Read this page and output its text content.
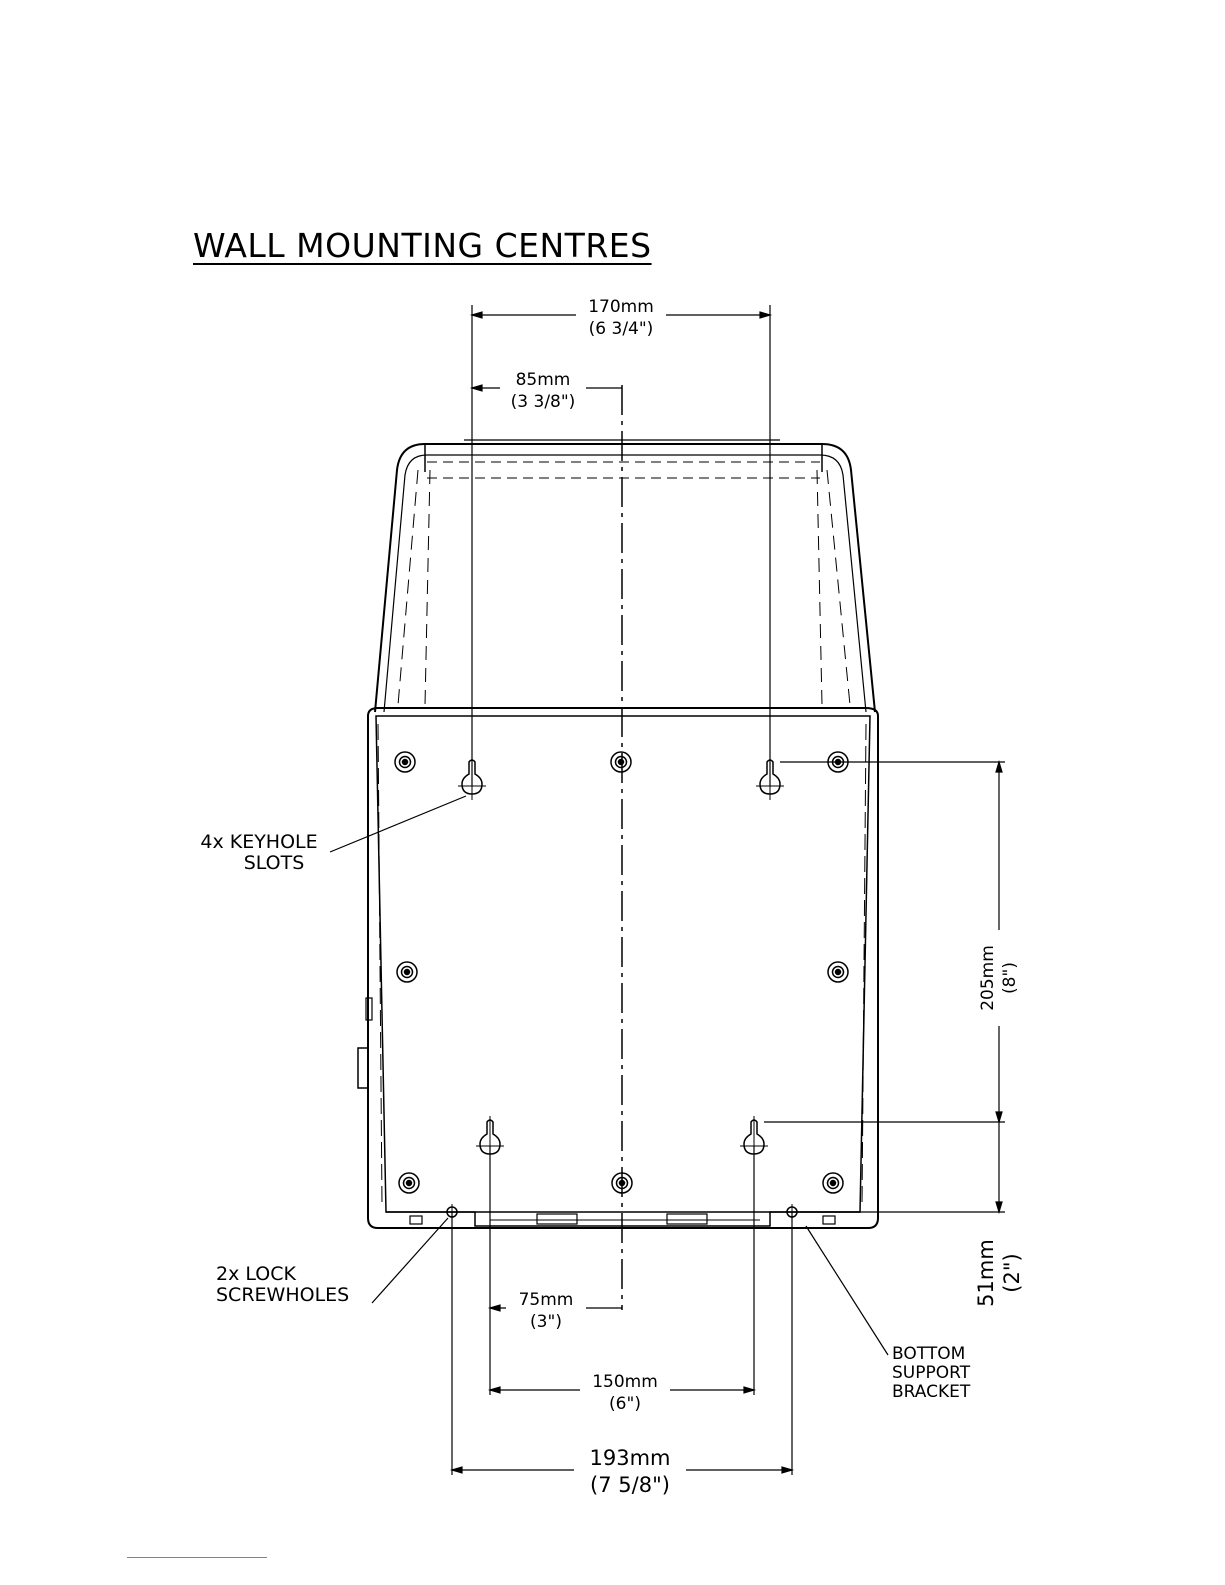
WALL MOUNTING CENTRES
170mm
(6 3/4")
85mm
(3 3/8")
75mm
(3")
150mm
(6")
193mm
(7 5/8")
205mm (8")
51mm (2")
4x KEYHOLE
SLOTS
2x LOCK
SCREWHOLES
BOTTOM
SUPPORT
BRACKET
